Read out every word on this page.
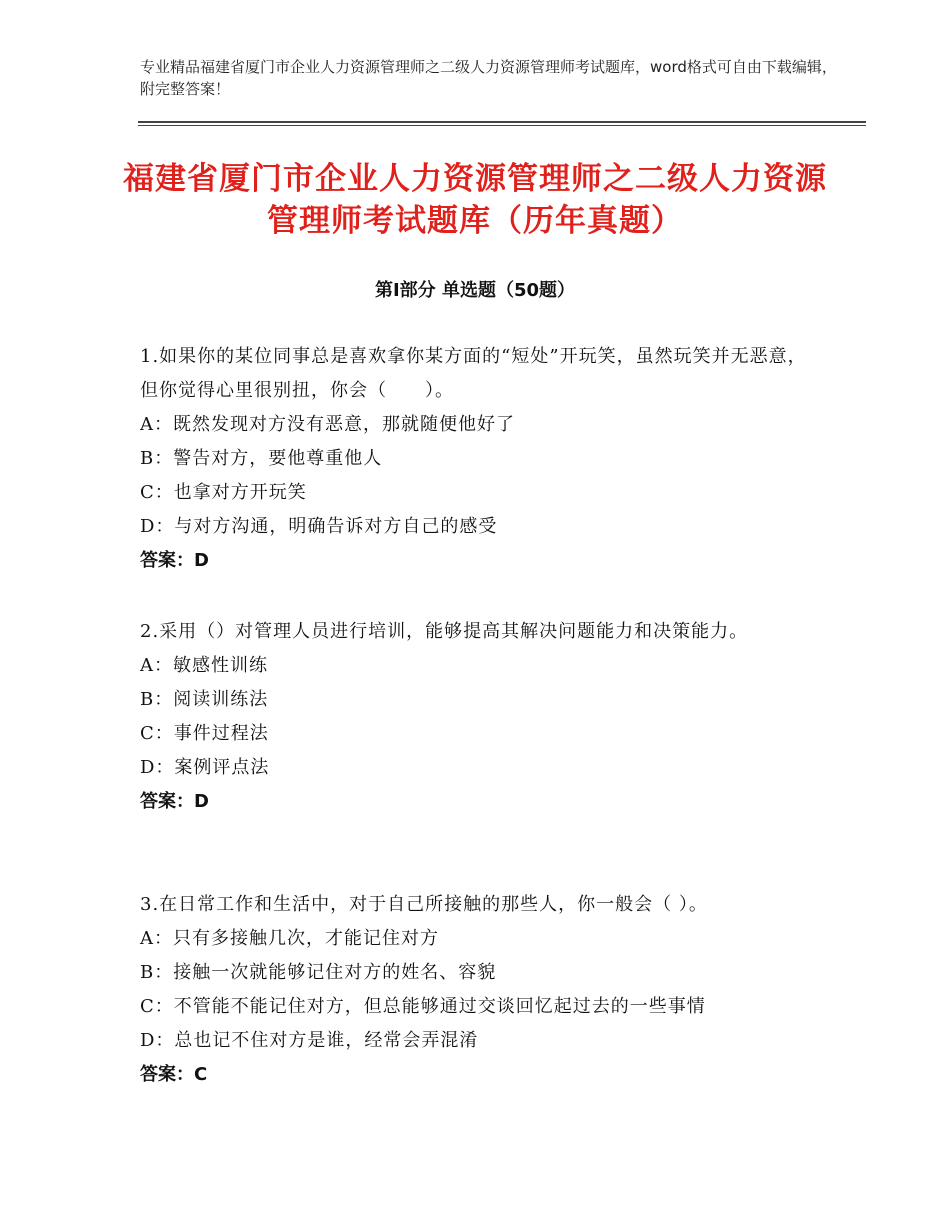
专业精品福建省厦门市企业人力资源管理师之二级人力资源管理师考试题库，word格式可自由下载编辑，附完整答案！
福建省厦门市企业人力资源管理师之二级人力资源管理师考试题库（历年真题）
第Ⅰ部分 单选题（50题）
1.如果你的某位同事总是喜欢拿你某方面的“短处”开玩笑，虽然玩笑并无恶意，但你觉得心里很别扭，你会（　　）。
A：既然发现对方没有恶意，那就随便他好了
B：警告对方，要他尊重他人
C：也拿对方开玩笑
D：与对方沟通，明确告诉对方自己的感受
答案：D
2.采用（）对管理人员进行培训，能够提高其解决问题能力和决策能力。
A：敏感性训练
B：阅读训练法
C：事件过程法
D：案例评点法
答案：D
3.在日常工作和生活中，对于自己所接触的那些人，你一般会（ ）。
A：只有多接触几次，才能记住对方
B：接触一次就能够记住对方的姓名、容貌
C：不管能不能记住对方，但总能够通过交谈回忆起过去的一些事情
D：总也记不住对方是谁，经常会弄混淆
答案：C
